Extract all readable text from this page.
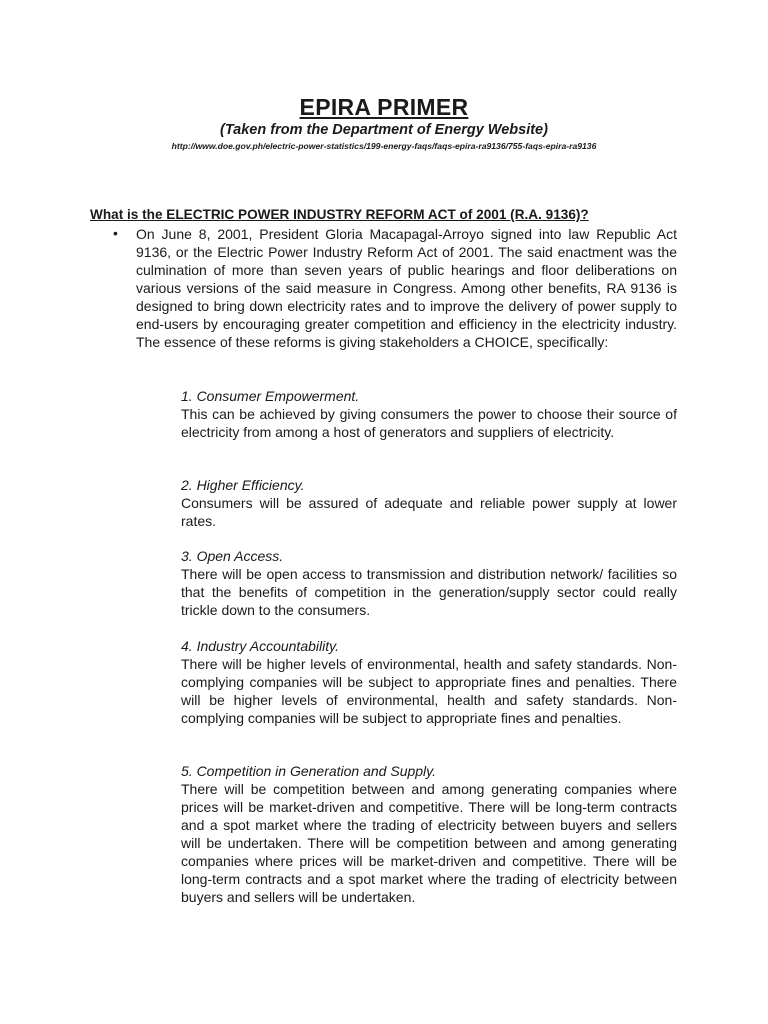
EPIRA PRIMER
(Taken from the Department of Energy Website)
http://www.doe.gov.ph/electric-power-statistics/199-energy-faqs/faqs-epira-ra9136/755-faqs-epira-ra9136
What is the ELECTRIC POWER INDUSTRY REFORM ACT of 2001 (R.A. 9136)?
• On June 8, 2001, President Gloria Macapagal-Arroyo signed into law Republic Act 9136, or the Electric Power Industry Reform Act of 2001. The said enactment was the culmination of more than seven years of public hearings and floor deliberations on various versions of the said measure in Congress. Among other benefits, RA 9136 is designed to bring down electricity rates and to improve the delivery of power supply to end-users by encouraging greater competition and efficiency in the electricity industry. The essence of these reforms is giving stakeholders a CHOICE, specifically:
1. Consumer Empowerment.
This can be achieved by giving consumers the power to choose their source of electricity from among a host of generators and suppliers of electricity.
2. Higher Efficiency.
Consumers will be assured of adequate and reliable power supply at lower rates.
3. Open Access.
There will be open access to transmission and distribution network/ facilities so that the benefits of competition in the generation/supply sector could really trickle down to the consumers.
4. Industry Accountability.
There will be higher levels of environmental, health and safety standards. Non-complying companies will be subject to appropriate fines and penalties. There will be higher levels of environmental, health and safety standards. Non-complying companies will be subject to appropriate fines and penalties.
5. Competition in Generation and Supply.
There will be competition between and among generating companies where prices will be market-driven and competitive. There will be long-term contracts and a spot market where the trading of electricity between buyers and sellers will be undertaken. There will be competition between and among generating companies where prices will be market-driven and competitive. There will be long-term contracts and a spot market where the trading of electricity between buyers and sellers will be undertaken.
